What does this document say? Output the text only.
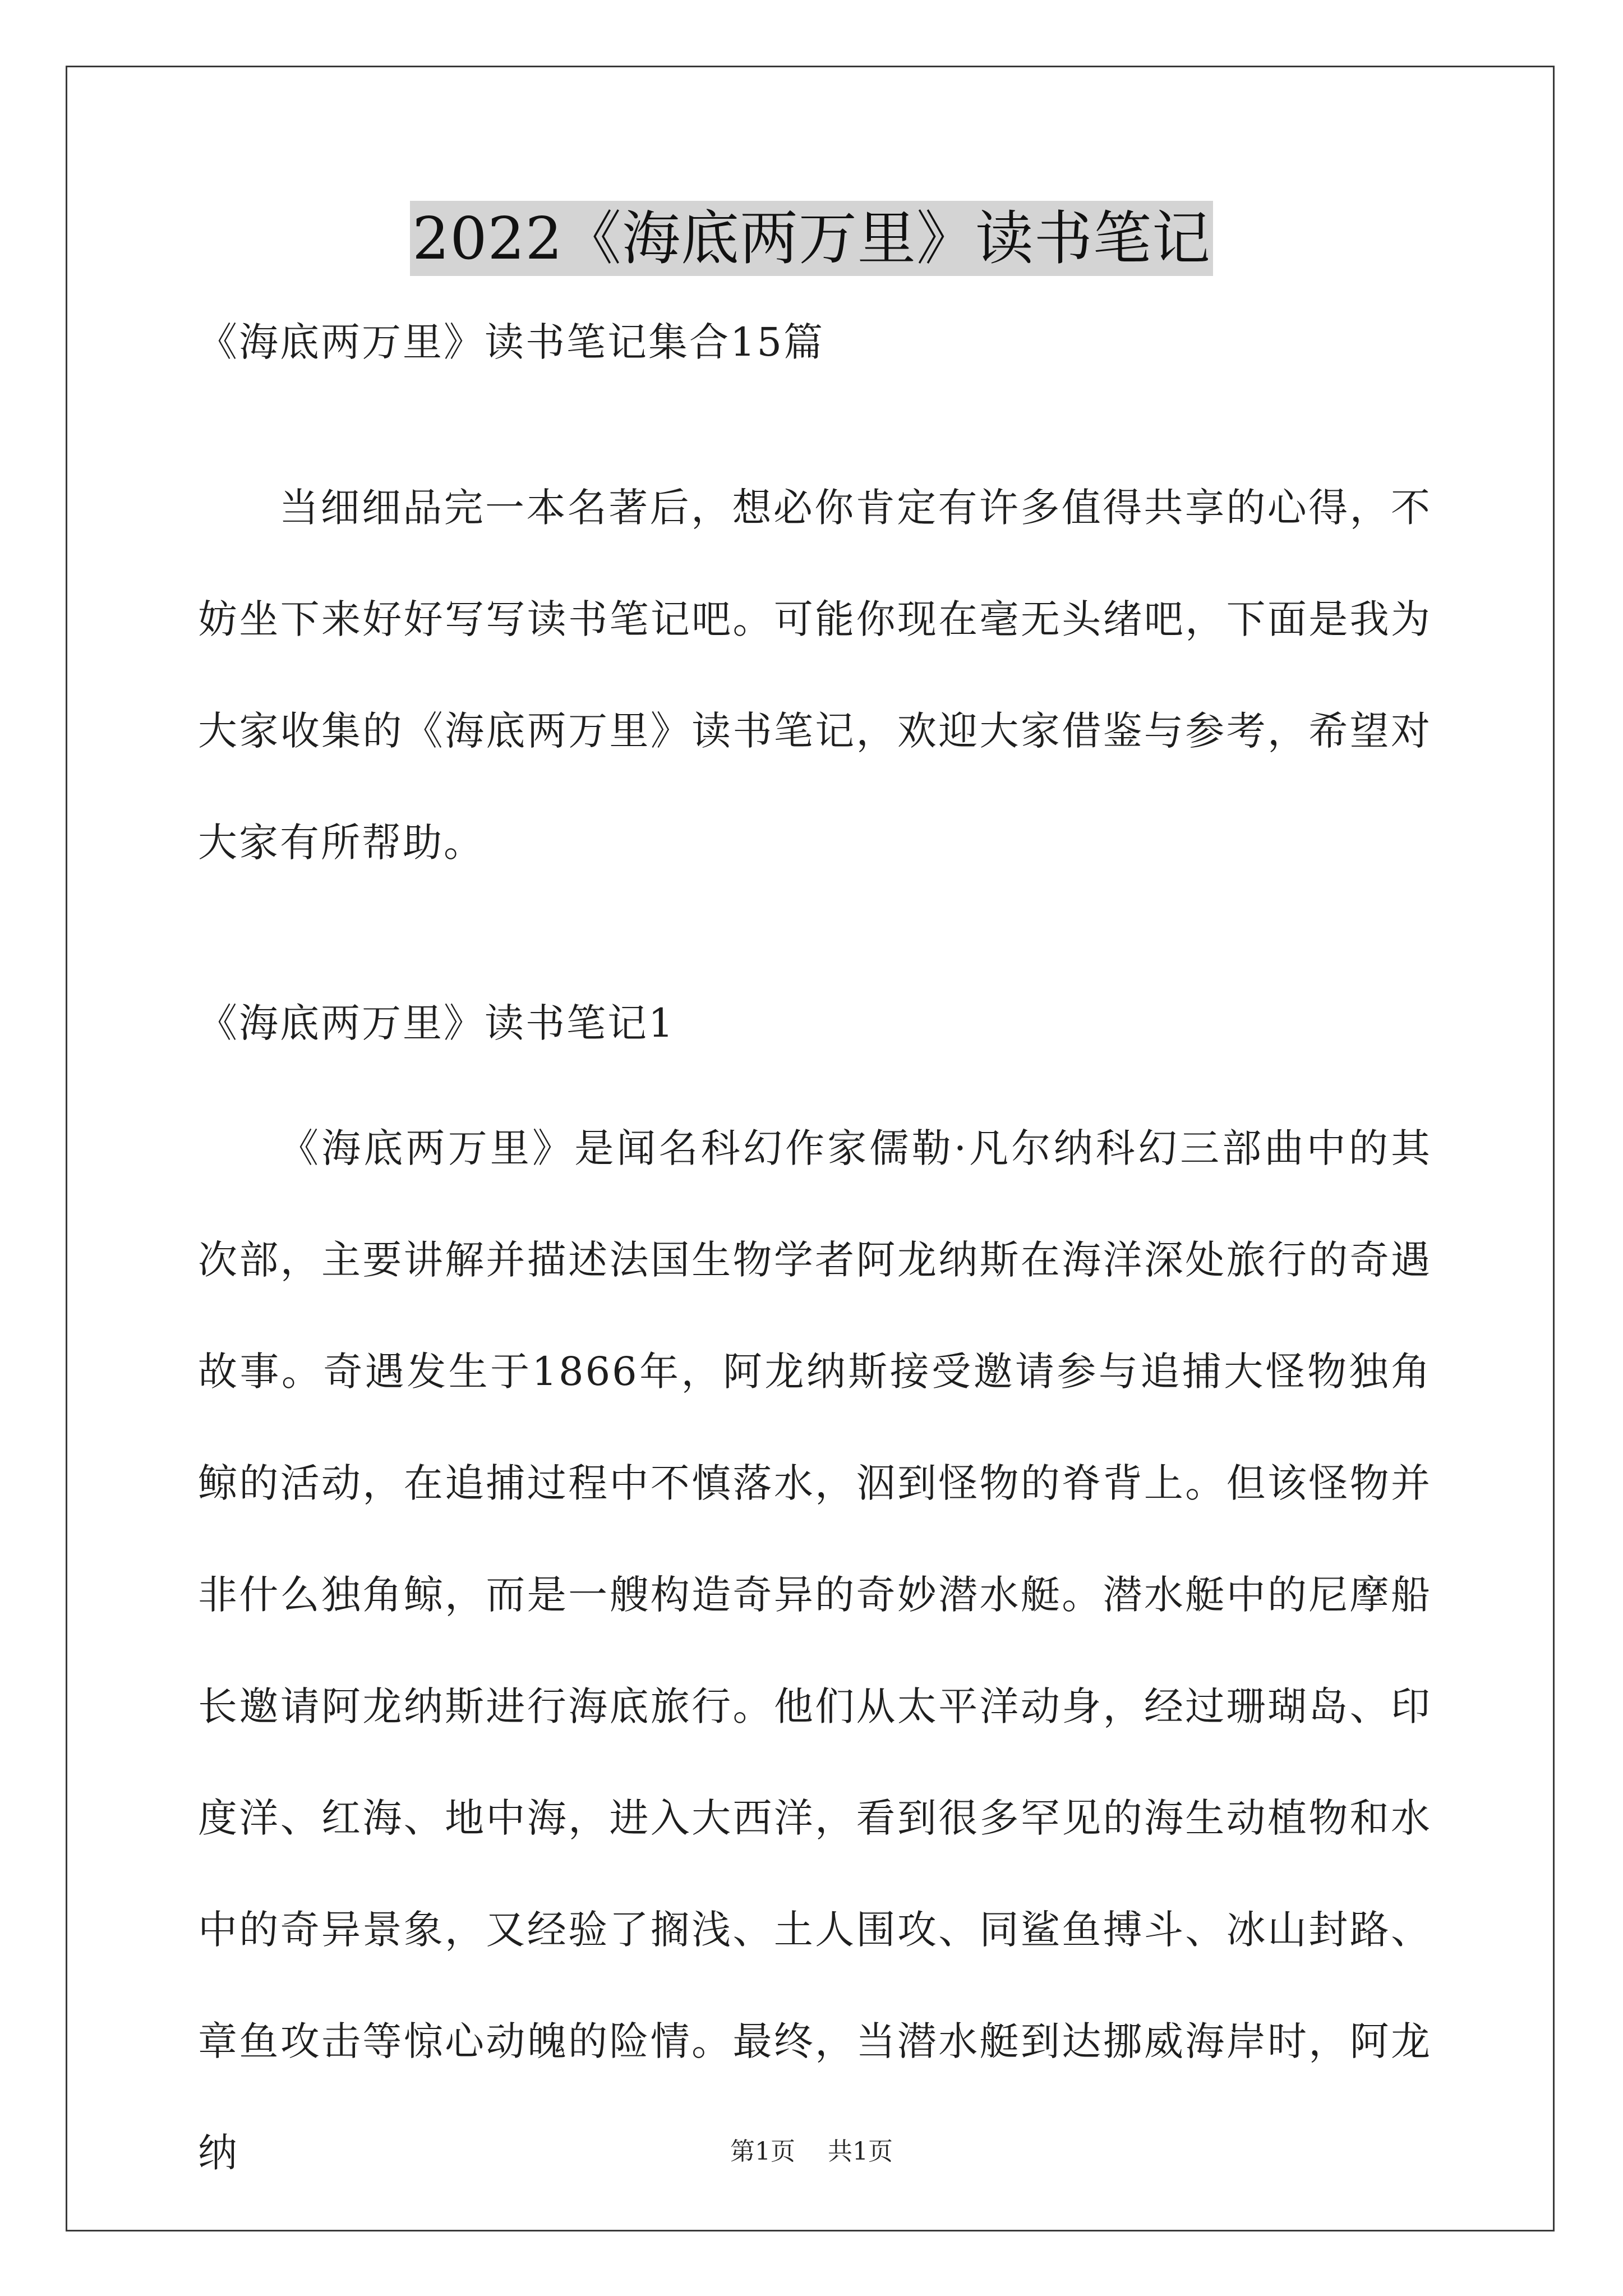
2022《海底两万里》读书笔记
《海底两万里》读书笔记集合15篇
当细细品完一本名著后，想必你肯定有许多值得共享的心得，不妨坐下来好好写写读书笔记吧。可能你现在毫无头绪吧，下面是我为大家收集的《海底两万里》读书笔记，欢迎大家借鉴与参考，希望对大家有所帮助。
《海底两万里》读书笔记1
《海底两万里》是闻名科幻作家儒勒·凡尔纳科幻三部曲中的其次部，主要讲解并描述法国生物学者阿龙纳斯在海洋深处旅行的奇遇故事。奇遇发生于1866年，阿龙纳斯接受邀请参与追捕大怪物独角鲸的活动，在追捕过程中不慎落水，泅到怪物的脊背上。但该怪物并非什么独角鲸，而是一艘构造奇异的奇妙潜水艇。潜水艇中的尼摩船长邀请阿龙纳斯进行海底旅行。他们从太平洋动身，经过珊瑚岛、印度洋、红海、地中海，进入大西洋，看到很多罕见的海生动植物和水中的奇异景象，又经验了搁浅、土人围攻、同鲨鱼搏斗、冰山封路、章鱼攻击等惊心动魄的险情。最终，当潜水艇到达挪威海岸时，阿龙纳	第1页 共1页
